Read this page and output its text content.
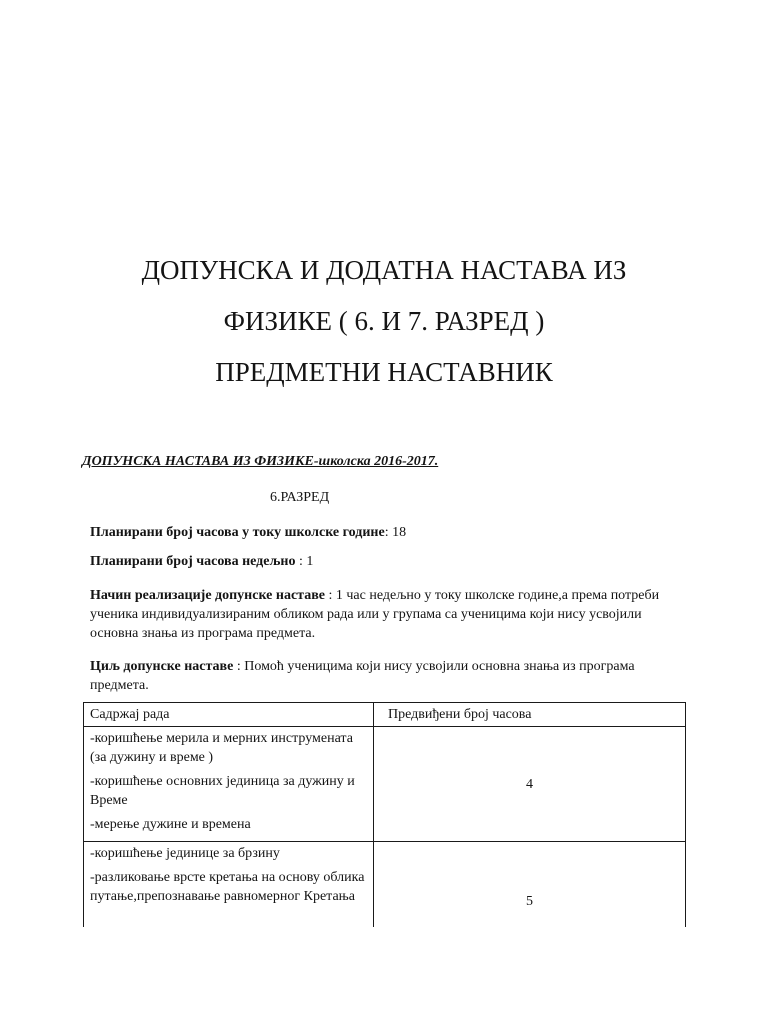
ДОПУНСКА И ДОДАТНА НАСТАВА ИЗ
ФИЗИКЕ ( 6. И 7. РАЗРЕД )
ПРЕДМЕТНИ НАСТАВНИК
ДОПУНСКА НАСТАВА ИЗ ФИЗИКЕ-школска 2016-2017.
6.РАЗРЕД
Планирани број часова у току школске године: 18
Планирани број часова недељно : 1
Начин реализације допунске наставе : 1 час недељно у току школске године,а према потреби ученика индивидуализираним обликом рада или у групама са ученицима који нису усвојили основна знања из програма предмета.
Циљ допунске наставе : Помоћ ученицима који нису усвојили основна знања из програма предмета.
Садржај рада	Предвиђени број часова

-коришћење мерила и мерних инструмената (за дужину и време )
-коришћење основних јединица за дужину и Време
-мерење дужине и времена	4

-коришћење јединице за брзину
-разликовање врсте кретања на основу облика путање,препознавање равномерног Кретања	5
